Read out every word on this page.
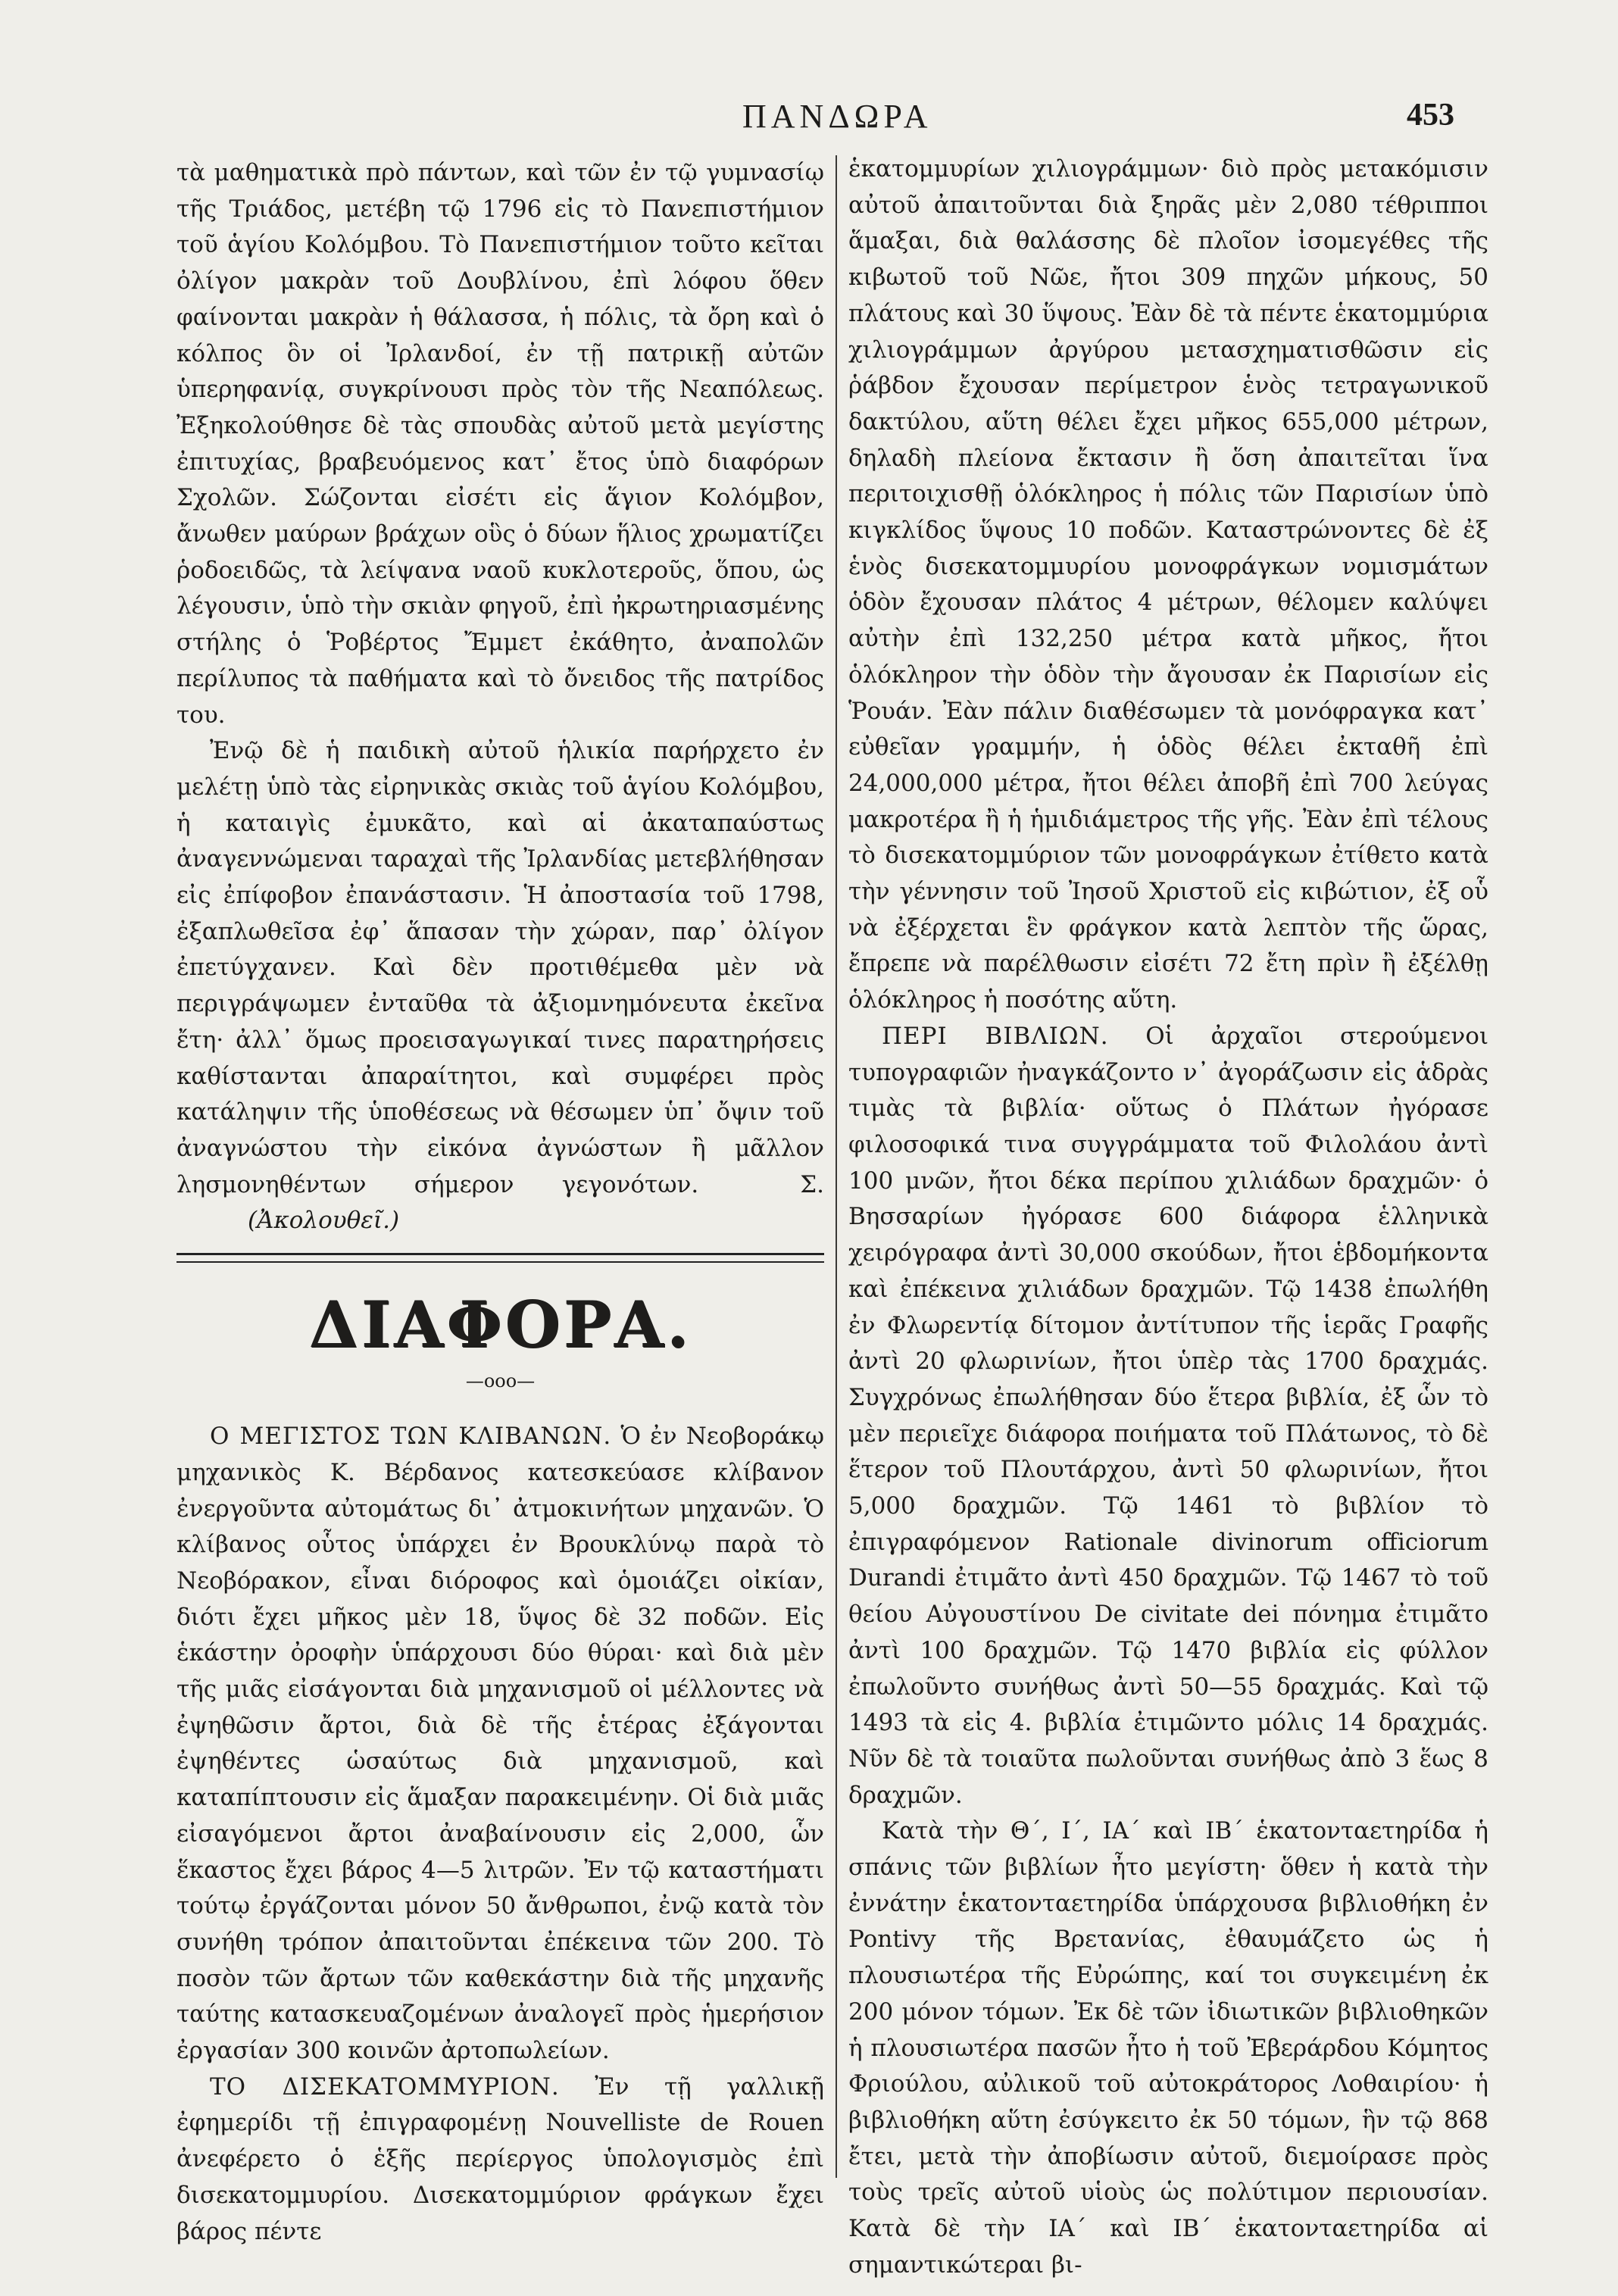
ΠΑΝΔΩΡΑ	453

τὰ μαθηματικὰ πρὸ πάντων, καὶ τῶν ἐν τῷ γυμνασίῳ τῆς Τριάδος, μετέβη τῷ 1796 εἰς τὸ Πανεπιστήμιον τοῦ ἁγίου Κολόμβου. Τὸ Πανεπιστήμιον τοῦτο κεῖται ὀλίγον μακρὰν τοῦ Δουβλίνου, ἐπὶ λόφου ὅθεν φαίνονται μακρὰν ἡ θάλασσα, ἡ πόλις, τὰ ὄρη καὶ ὁ κόλπος ὃν οἱ Ἰρλανδοί, ἐν τῇ πατρικῇ αὐτῶν ὑπερηφανίᾳ, συγκρίνουσι πρὸς τὸν τῆς Νεαπόλεως. Ἐξηκολούθησε δὲ τὰς σπουδὰς αὐτοῦ μετὰ μεγίστης ἐπιτυχίας, βραβευόμενος κατ᾽ ἔτος ὑπὸ διαφόρων Σχολῶν. Σώζονται εἰσέτι εἰς ἅγιον Κολόμβον, ἄνωθεν μαύρων βράχων οὓς ὁ δύων ἥλιος χρωματίζει ῥοδοειδῶς, τὰ λείψανα ναοῦ κυκλοτεροῦς, ὅπου, ὡς λέγουσιν, ὑπὸ τὴν σκιὰν φηγοῦ, ἐπὶ ἠκρωτηριασμένης στήλης ὁ Ῥοβέρτος Ἔμμετ ἐκάθητο, ἀναπολῶν περίλυπος τὰ παθήματα καὶ τὸ ὄνειδος τῆς πατρίδος του.

Ἐνῷ δὲ ἡ παιδικὴ αὐτοῦ ἡλικία παρήρχετο ἐν μελέτῃ ὑπὸ τὰς εἰρηνικὰς σκιὰς τοῦ ἁγίου Κολόμβου, ἡ καταιγὶς ἐμυκᾶτο, καὶ αἱ ἀκαταπαύστως ἀναγεννώμεναι ταραχαὶ τῆς Ἰρλανδίας μετεβλήθησαν εἰς ἐπίφοβον ἐπανάστασιν. Ἡ ἀποστασία τοῦ 1798, ἐξαπλωθεῖσα ἐφ᾽ ἅπασαν τὴν χώραν, παρ᾽ ὀλίγον ἐπετύγχανεν. Καὶ δὲν προτιθέμεθα μὲν νὰ περιγράψωμεν ἐνταῦθα τὰ ἀξιομνημόνευτα ἐκεῖνα ἔτη· ἀλλ᾽ ὅμως προεισαγωγικαί τινες παρατηρήσεις καθίστανται ἀπαραίτητοι, καὶ συμφέρει πρὸς κατάληψιν τῆς ὑποθέσεως νὰ θέσωμεν ὑπ᾽ ὄψιν τοῦ ἀναγνώστου τὴν εἰκόνα ἀγνώστων ἢ μᾶλλον λησμονηθέντων σήμερον γεγονότων.	Σ.(Ἀκολουθεῖ.)

ΔΙΑΦΟΡΑ.
—ooo—

Ο ΜΕΓΙΣΤΟΣ ΤΩΝ ΚΛΙΒΑΝΩΝ. Ὁ ἐν Νεοβοράκῳ μηχανικὸς Κ. Βέρδανος κατεσκεύασε κλίβανον ἐνεργοῦντα αὐτομάτως δι᾽ ἀτμοκινήτων μηχανῶν. Ὁ κλίβανος οὗτος ὑπάρχει ἐν Βρουκλύνῳ παρὰ τὸ Νεοβόρακον, εἶναι διόροφος καὶ ὁμοιάζει οἰκίαν, διότι ἔχει μῆκος μὲν 18, ὕψος δὲ 32 ποδῶν. Εἰς ἑκάστην ὀροφὴν ὑπάρχουσι δύο θύραι· καὶ διὰ μὲν τῆς μιᾶς εἰσάγονται διὰ μηχανισμοῦ οἱ μέλλοντες νὰ ἐψηθῶσιν ἄρτοι, διὰ δὲ τῆς ἑτέρας ἐξάγονται ἐψηθέντες ὡσαύτως διὰ μηχανισμοῦ, καὶ καταπίπτουσιν εἰς ἅμαξαν παρακειμένην. Οἱ διὰ μιᾶς εἰσαγόμενοι ἄρτοι ἀναβαίνουσιν εἰς 2,000, ὧν ἕκαστος ἔχει βάρος 4—5 λιτρῶν. Ἐν τῷ καταστήματι τούτῳ ἐργάζονται μόνον 50 ἄνθρωποι, ἐνῷ κατὰ τὸν συνήθη τρόπον ἀπαιτοῦνται ἐπέκεινα τῶν 200. Τὸ ποσὸν τῶν ἄρτων τῶν καθεκάστην διὰ τῆς μηχανῆς ταύτης κατασκευαζομένων ἀναλογεῖ πρὸς ἡμερήσιον ἐργασίαν 300 κοινῶν ἀρτοπωλείων.

ΤΟ ΔΙΣΕΚΑΤΟΜΜΥΡΙΟΝ. Ἐν τῇ γαλλικῇ ἐφημερίδι τῇ ἐπιγραφομένῃ Nouvelliste de Rouen ἀνεφέρετο ὁ ἑξῆς περίεργος ὑπολογισμὸς ἐπὶ δισεκατομμυρίου. Δισεκατομμύριον φράγκων ἔχει βάρος πέντε

ἑκατομμυρίων χιλιογράμμων· διὸ πρὸς μετακόμισιν αὐτοῦ ἀπαιτοῦνται διὰ ξηρᾶς μὲν 2,080 τέθριπποι ἅμαξαι, διὰ θαλάσσης δὲ πλοῖον ἰσομεγέθες τῆς κιβωτοῦ τοῦ Νῶε, ἤτοι 309 πηχῶν μήκους, 50 πλάτους καὶ 30 ὕψους. Ἐὰν δὲ τὰ πέντε ἑκατομμύρια χιλιογράμμων ἀργύρου μετασχηματισθῶσιν εἰς ῥάβδον ἔχουσαν περίμετρον ἑνὸς τετραγωνικοῦ δακτύλου, αὕτη θέλει ἔχει μῆκος 655,000 μέτρων, δηλαδὴ πλείονα ἔκτασιν ἢ ὅση ἀπαιτεῖται ἵνα περιτοιχισθῇ ὁλόκληρος ἡ πόλις τῶν Παρισίων ὑπὸ κιγκλίδος ὕψους 10 ποδῶν. Καταστρώνοντες δὲ ἐξ ἑνὸς δισεκατομμυρίου μονοφράγκων νομισμάτων ὁδὸν ἔχουσαν πλάτος 4 μέτρων, θέλομεν καλύψει αὐτὴν ἐπὶ 132,250 μέτρα κατὰ μῆκος, ἤτοι ὁλόκληρον τὴν ὁδὸν τὴν ἄγουσαν ἐκ Παρισίων εἰς Ῥουάν. Ἐὰν πάλιν διαθέσωμεν τὰ μονόφραγκα κατ᾽ εὐθεῖαν γραμμήν, ἡ ὁδὸς θέλει ἐκταθῆ ἐπὶ 24,000,000 μέτρα, ἤτοι θέλει ἀποβῆ ἐπὶ 700 λεύγας μακροτέρα ἢ ἡ ἡμιδιάμετρος τῆς γῆς. Ἐὰν ἐπὶ τέλους τὸ δισεκατομμύριον τῶν μονοφράγκων ἐτίθετο κατὰ τὴν γέννησιν τοῦ Ἰησοῦ Χριστοῦ εἰς κιβώτιον, ἐξ οὗ νὰ ἐξέρχεται ἓν φράγκον κατὰ λεπτὸν τῆς ὥρας, ἔπρεπε νὰ παρέλθωσιν εἰσέτι 72 ἔτη πρὶν ἢ ἐξέλθῃ ὁλόκληρος ἡ ποσότης αὕτη.

ΠΕΡΙ ΒΙΒΛΙΩΝ. Οἱ ἀρχαῖοι στερούμενοι τυπογραφιῶν ἠναγκάζοντο ν᾽ ἀγοράζωσιν εἰς ἁδρὰς τιμὰς τὰ βιβλία· οὕτως ὁ Πλάτων ἠγόρασε φιλοσοφικά τινα συγγράμματα τοῦ Φιλολάου ἀντὶ 100 μνῶν, ἤτοι δέκα περίπου χιλιάδων δραχμῶν· ὁ Βησσαρίων ἠγόρασε 600 διάφορα ἑλληνικὰ χειρόγραφα ἀντὶ 30,000 σκούδων, ἤτοι ἑβδομήκοντα καὶ ἐπέκεινα χιλιάδων δραχμῶν. Τῷ 1438 ἐπωλήθη ἐν Φλωρεντίᾳ δίτομον ἀντίτυπον τῆς ἱερᾶς Γραφῆς ἀντὶ 20 φλωρινίων, ἤτοι ὑπὲρ τὰς 1700 δραχμάς. Συγχρόνως ἐπωλήθησαν δύο ἕτερα βιβλία, ἐξ ὧν τὸ μὲν περιεῖχε διάφορα ποιήματα τοῦ Πλάτωνος, τὸ δὲ ἕτερον τοῦ Πλουτάρχου, ἀντὶ 50 φλωρινίων, ἤτοι 5,000 δραχμῶν. Τῷ 1461 τὸ βιβλίον τὸ ἐπιγραφόμενον Rationale divinorum officiorum Durandi ἐτιμᾶτο ἀντὶ 450 δραχμῶν. Τῷ 1467 τὸ τοῦ θείου Αὐγουστίνου De civitate dei πόνημα ἐτιμᾶτο ἀντὶ 100 δραχμῶν. Τῷ 1470 βιβλία εἰς φύλλον ἐπωλοῦντο συνήθως ἀντὶ 50—55 δραχμάς. Καὶ τῷ 1493 τὰ εἰς 4. βιβλία ἐτιμῶντο μόλις 14 δραχμάς. Νῦν δὲ τὰ τοιαῦτα πωλοῦνται συνήθως ἀπὸ 3 ἕως 8 δραχμῶν.

Κατὰ τὴν Θ´, Ι´, ΙΑ´ καὶ ΙΒ´ ἑκατονταετηρίδα ἡ σπάνις τῶν βιβλίων ἦτο μεγίστη· ὅθεν ἡ κατὰ τὴν ἐννάτην ἑκατονταετηρίδα ὑπάρχουσα βιβλιοθήκη ἐν Pontivy τῆς Βρετανίας, ἐθαυμάζετο ὡς ἡ πλουσιωτέρα τῆς Εὐρώπης, καί τοι συγκειμένη ἐκ 200 μόνον τόμων. Ἐκ δὲ τῶν ἰδιωτικῶν βιβλιοθηκῶν ἡ πλουσιωτέρα πασῶν ἦτο ἡ τοῦ Ἐβεράρδου Κόμητος Φριούλου, αὐλικοῦ τοῦ αὐτοκράτορος Λοθαιρίου· ἡ βιβλιοθήκη αὕτη ἐσύγκειτο ἐκ 50 τόμων, ἣν τῷ 868 ἔτει, μετὰ τὴν ἀποβίωσιν αὐτοῦ, διεμοίρασε πρὸς τοὺς τρεῖς αὐτοῦ υἱοὺς ὡς πολύτιμον περιουσίαν. Κατὰ δὲ τὴν ΙΑ´ καὶ ΙΒ´ ἑκατονταετηρίδα αἱ σημαντικώτεραι βι-
